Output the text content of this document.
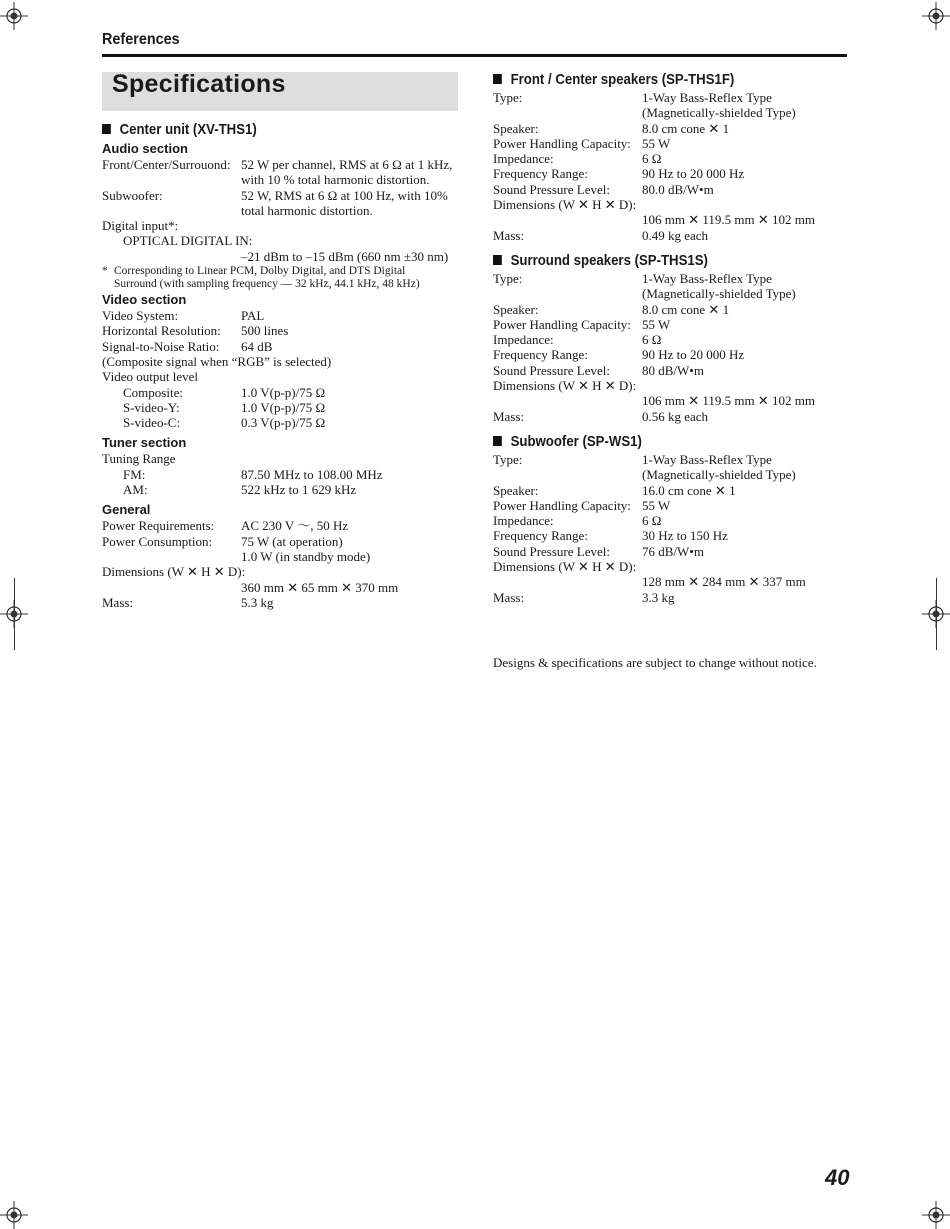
References
Specifications
Center unit (XV-THS1)
Audio section
Front/Center/Surrouond: 52 W per channel, RMS at 6 Ω at 1 kHz,
with 10 % total harmonic distortion.
Subwoofer:	52 W, RMS at 6 Ω at 100 Hz, with 10%
total harmonic distortion.
Digital input*:
OPTICAL DIGITAL IN:
–21 dBm to –15 dBm (660 nm ±30 nm)
* Corresponding to Linear PCM, Dolby Digital, and DTS Digital
Surround (with sampling frequency — 32 kHz, 44.1 kHz, 48 kHz)
Video section
Video System:	PAL
Horizontal Resolution:	500 lines
Signal-to-Noise Ratio:	64 dB
(Composite signal when “RGB” is selected)
Video output level
Composite:	1.0 V(p-p)/75 Ω
S-video-Y:	1.0 V(p-p)/75 Ω
S-video-C:	0.3 V(p-p)/75 Ω
Tuner section
Tuning Range
FM:	87.50 MHz to 108.00 MHz
AM:	522 kHz to 1 629 kHz
General
Power Requirements:	AC 230 V ～, 50 Hz
Power Consumption:	75 W (at operation)
1.0 W (in standby mode)
Dimensions (W ✕ H ✕ D):
360 mm ✕ 65 mm ✕ 370 mm
Mass:	5.3 kg
Front / Center speakers (SP-THS1F)
Type:	1-Way Bass-Reflex Type
(Magnetically-shielded Type)
Speaker:	8.0 cm cone ✕ 1
Power Handling Capacity: 55 W
Impedance:	6 Ω
Frequency Range:	90 Hz to 20 000 Hz
Sound Pressure Level:	80.0 dB/W•m
Dimensions (W ✕ H ✕ D):
106 mm ✕ 119.5 mm ✕ 102 mm
Mass:	0.49 kg each
Surround speakers (SP-THS1S)
Type:	1-Way Bass-Reflex Type
(Magnetically-shielded Type)
Speaker:	8.0 cm cone ✕ 1
Power Handling Capacity: 55 W
Impedance:	6 Ω
Frequency Range:	90 Hz to 20 000 Hz
Sound Pressure Level:	80 dB/W•m
Dimensions (W ✕ H ✕ D):
106 mm ✕ 119.5 mm ✕ 102 mm
Mass:	0.56 kg each
Subwoofer (SP-WS1)
Type:	1-Way Bass-Reflex Type
(Magnetically-shielded Type)
Speaker:	16.0 cm cone ✕ 1
Power Handling Capacity: 55 W
Impedance:	6 Ω
Frequency Range:	30 Hz to 150 Hz
Sound Pressure Level:	76 dB/W•m
Dimensions (W ✕ H ✕ D):
128 mm ✕ 284 mm ✕ 337 mm
Mass:	3.3 kg
Designs & specifications are subject to change without notice.
40
